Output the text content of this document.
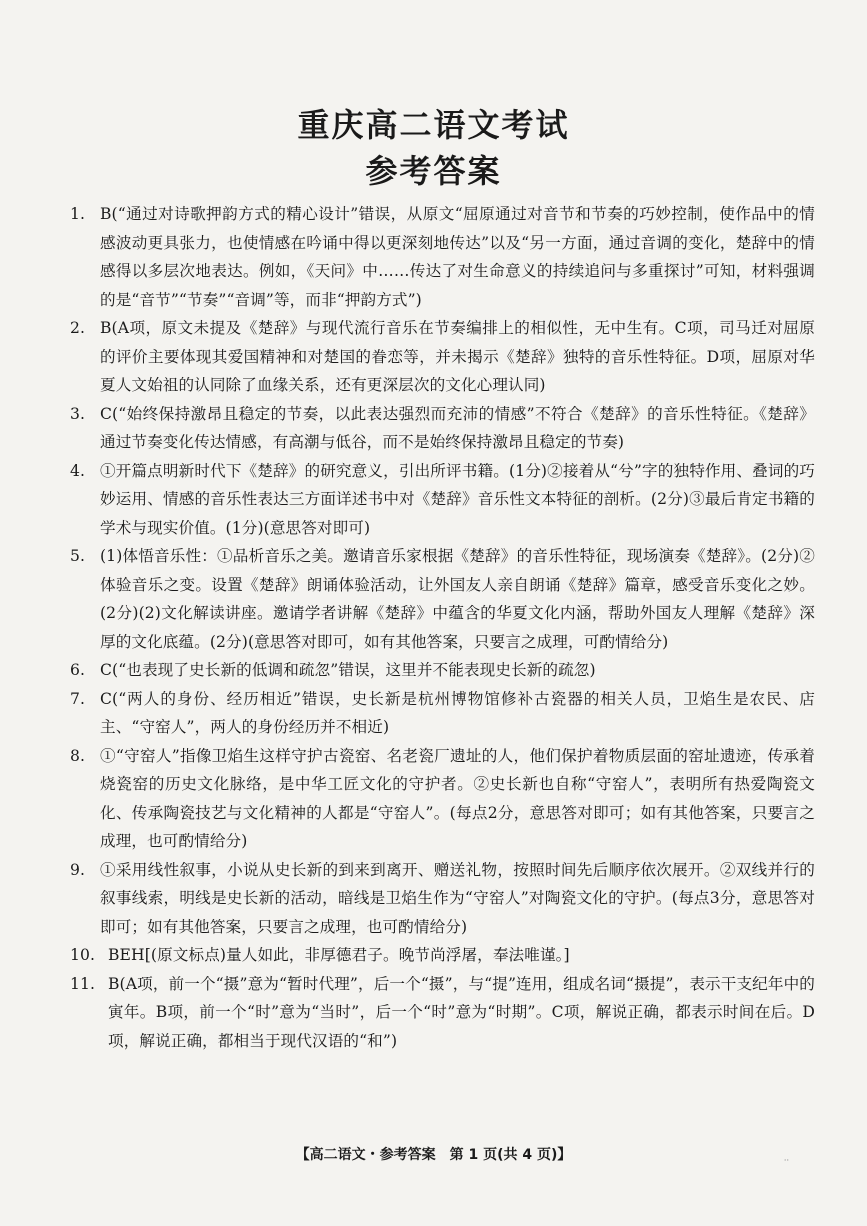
重庆高二语文考试
参考答案
1. B(“通过对诗歌押韵方式的精心设计”错误，从原文“屈原通过对音节和节奏的巧妙控制，使作品中的情感波动更具张力，也使情感在吟诵中得以更深刻地传达”以及“另一方面，通过音调的变化，楚辞中的情感得以多层次地表达。例如，《天问》中……传达了对生命意义的持续追问与多重探讨”可知，材料强调的是“音节”“节奏”“音调”等，而非“押韵方式”)
2. B(A项，原文未提及《楚辞》与现代流行音乐在节奏编排上的相似性，无中生有。C项，司马迁对屈原的评价主要体现其爱国精神和对楚国的眷恋等，并未揭示《楚辞》独特的音乐性特征。D项，屈原对华夏人文始祖的认同除了血缘关系，还有更深层次的文化心理认同)
3. C(“始终保持激昂且稳定的节奏，以此表达强烈而充沛的情感”不符合《楚辞》的音乐性特征。《楚辞》通过节奏变化传达情感，有高潮与低谷，而不是始终保持激昂且稳定的节奏)
4. ①开篇点明新时代下《楚辞》的研究意义，引出所评书籍。(1分)②接着从“兮”字的独特作用、叠词的巧妙运用、情感的音乐性表达三方面详述书中对《楚辞》音乐性文本特征的剖析。(2分)③最后肯定书籍的学术与现实价值。(1分)(意思答对即可)
5. (1)体悟音乐性：①品析音乐之美。邀请音乐家根据《楚辞》的音乐性特征，现场演奏《楚辞》。(2分)②体验音乐之变。设置《楚辞》朗诵体验活动，让外国友人亲自朗诵《楚辞》篇章，感受音乐变化之妙。(2分)(2)文化解读讲座。邀请学者讲解《楚辞》中蕴含的华夏文化内涵，帮助外国友人理解《楚辞》深厚的文化底蕴。(2分)(意思答对即可，如有其他答案，只要言之成理，可酌情给分)
6. C(“也表现了史长新的低调和疏忽”错误，这里并不能表现史长新的疏忽)
7. C(“两人的身份、经历相近”错误，史长新是杭州博物馆修补古瓷器的相关人员，卫焰生是农民、店主、“守窑人”，两人的身份经历并不相近)
8. ①“守窑人”指像卫焰生这样守护古瓷窑、名老瓷厂遗址的人，他们保护着物质层面的窑址遗迹，传承着烧瓷窑的历史文化脉络，是中华工匠文化的守护者。②史长新也自称“守窑人”，表明所有热爱陶瓷文化、传承陶瓷技艺与文化精神的人都是“守窑人”。(每点2分，意思答对即可；如有其他答案，只要言之成理，也可酌情给分)
9. ①采用线性叙事，小说从史长新的到来到离开、赠送礼物，按照时间先后顺序依次展开。②双线并行的叙事线索，明线是史长新的活动，暗线是卫焰生作为“守窑人”对陶瓷文化的守护。(每点3分，意思答对即可；如有其他答案，只要言之成理，也可酌情给分)
10. BEH[(原文标点)量人如此，非厚德君子。晚节尚浮屠，奉法唯谨。]
11. B(A项，前一个“摄”意为“暂时代理”，后一个“摄”，与“提”连用，组成名词“摄提”，表示干支纪年中的寅年。B项，前一个“时”意为“当时”，后一个“时”意为“时期”。C项，解说正确，都表示时间在后。D项，解说正确，都相当于现代汉语的“和”)
【高二语文・参考答案　第 1 页(共 4 页)】	··
